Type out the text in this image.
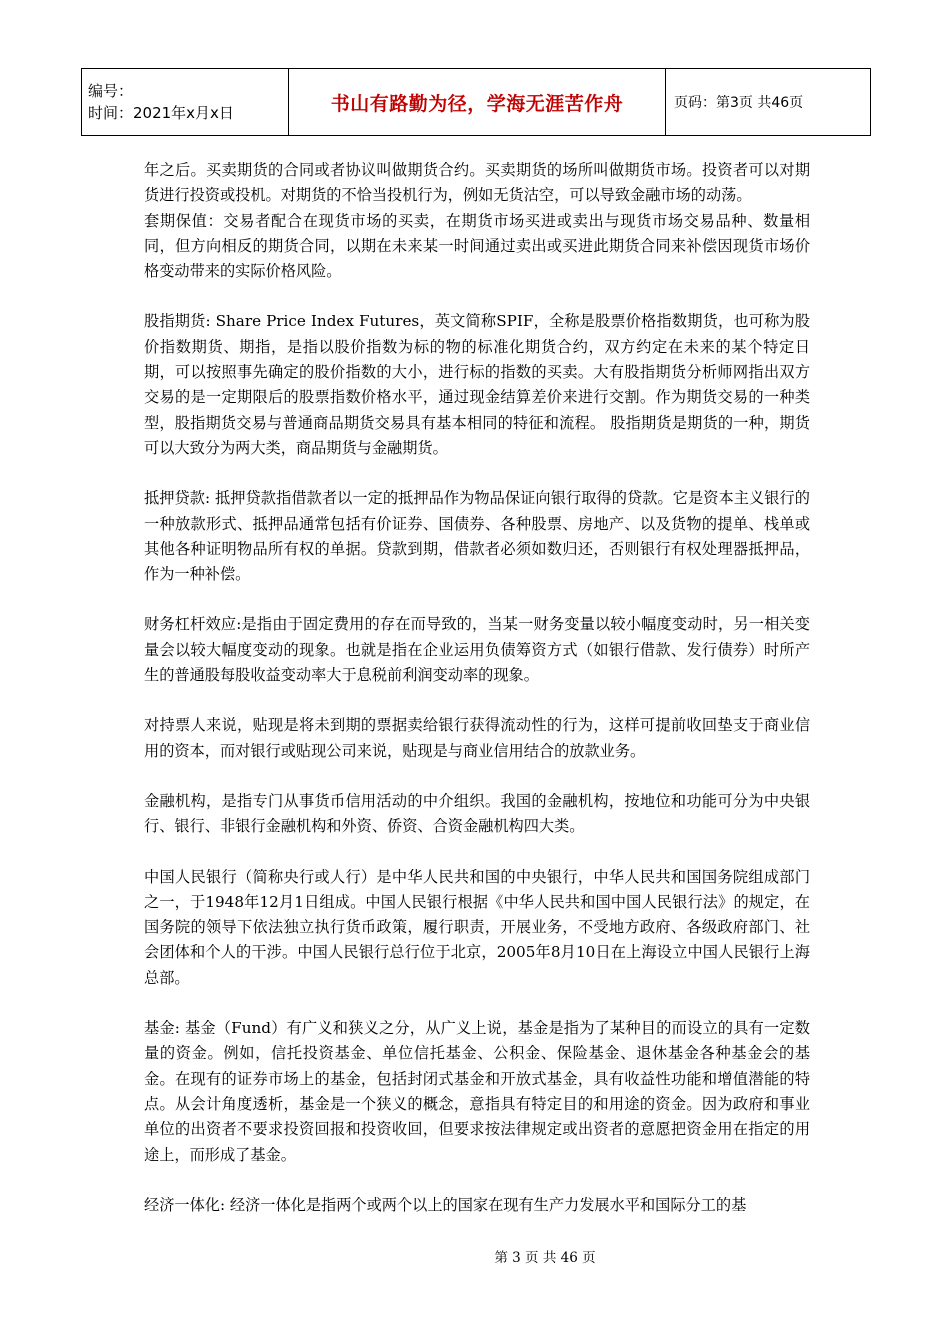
编号：
时间：2021年x月x日	书山有路勤为径，学海无涯苦作舟	页码：第3页 共46页

年之后。买卖期货的合同或者协议叫做期货合约。买卖期货的场所叫做期货市场。投资者可以对期货进行投资或投机。对期货的不恰当投机行为，例如无货沽空，可以导致金融市场的动荡。

套期保值：交易者配合在现货市场的买卖，在期货市场买进或卖出与现货市场交易品种、数量相同，但方向相反的期货合同，以期在未来某一时间通过卖出或买进此期货合同来补偿因现货市场价格变动带来的实际价格风险。

股指期货: Share Price Index Futures，英文简称SPIF，全称是股票价格指数期货，也可称为股价指数期货、期指，是指以股价指数为标的物的标准化期货合约，双方约定在未来的某个特定日期，可以按照事先确定的股价指数的大小，进行标的指数的买卖。大有股指期货分析师网指出双方交易的是一定期限后的股票指数价格水平，通过现金结算差价来进行交割。作为期货交易的一种类型，股指期货交易与普通商品期货交易具有基本相同的特征和流程。 股指期货是期货的一种，期货可以大致分为两大类，商品期货与金融期货。

抵押贷款: 抵押贷款指借款者以一定的抵押品作为物品保证向银行取得的贷款。它是资本主义银行的一种放款形式、抵押品通常包括有价证券、国债券、各种股票、房地产、以及货物的提单、栈单或其他各种证明物品所有权的单据。贷款到期，借款者必须如数归还，否则银行有权处理器抵押品，作为一种补偿。

财务杠杆效应:是指由于固定费用的存在而导致的，当某一财务变量以较小幅度变动时，另一相关变量会以较大幅度变动的现象。也就是指在企业运用负债筹资方式（如银行借款、发行债券）时所产生的普通股每股收益变动率大于息税前利润变动率的现象。

对持票人来说，贴现是将未到期的票据卖给银行获得流动性的行为，这样可提前收回垫支于商业信用的资本，而对银行或贴现公司来说，贴现是与商业信用结合的放款业务。

金融机构，是指专门从事货币信用活动的中介组织。我国的金融机构，按地位和功能可分为中央银行、银行、非银行金融机构和外资、侨资、合资金融机构四大类。

中国人民银行（简称央行或人行）是中华人民共和国的中央银行，中华人民共和国国务院组成部门之一，于1948年12月1日组成。中国人民银行根据《中华人民共和国中国人民银行法》的规定，在国务院的领导下依法独立执行货币政策，履行职责，开展业务，不受地方政府、各级政府部门、社会团体和个人的干涉。中国人民银行总行位于北京，2005年8月10日在上海设立中国人民银行上海总部。

基金: 基金（Fund）有广义和狭义之分，从广义上说，基金是指为了某种目的而设立的具有一定数量的资金。例如，信托投资基金、单位信托基金、公积金、保险基金、退休基金各种基金会的基金。在现有的证券市场上的基金，包括封闭式基金和开放式基金，具有收益性功能和增值潜能的特点。从会计角度透析，基金是一个狭义的概念，意指具有特定目的和用途的资金。因为政府和事业单位的出资者不要求投资回报和投资收回，但要求按法律规定或出资者的意愿把资金用在指定的用途上，而形成了基金。

经济一体化: 经济一体化是指两个或两个以上的国家在现有生产力发展水平和国际分工的基

第 3 页 共 46 页
